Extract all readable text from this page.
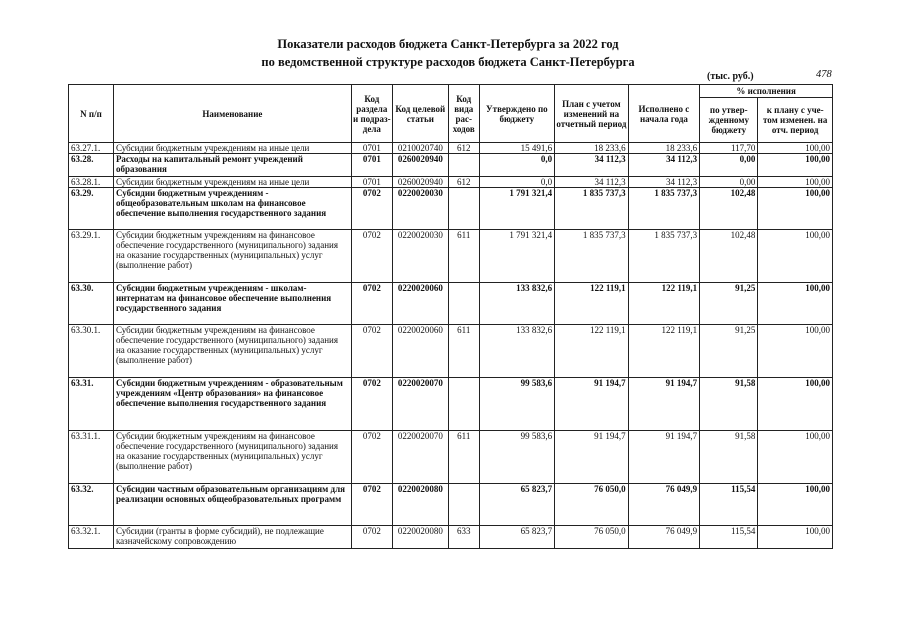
Показатели расходов бюджета Санкт-Петербурга за 2022 год
по ведомственной структуре расходов бюджета Санкт-Петербурга
(тыс. руб.)	478
N п/п	Наименование	Код раздела и подраз-дела	Код целевой статьи	Код вида рас-ходов	Утверждено по бюджету	План с учетом изменений на отчетный период	Исполнено с начала года	% исполнения	
								по утвер-жденному бюджету	к плану с уче-том изменен. на отч. период
63.27.1.	Субсидии бюджетным учреждениям на иные цели	0701	0210020740	612	15 491,6	18 233,6	18 233,6	117,70	100,00
63.28.	Расходы на капитальный ремонт учреждений образования	0701	0260020940		0,0	34 112,3	34 112,3	0,00	100,00
63.28.1.	Субсидии бюджетным учреждениям на иные цели	0701	0260020940	612	0,0	34 112,3	34 112,3	0,00	100,00
63.29.	Субсидии бюджетным учреждениям - общеобразовательным школам на финансовое обеспечение выполнения государственного задания	0702	0220020030		1 791 321,4	1 835 737,3	1 835 737,3	102,48	100,00
63.29.1.	Субсидии бюджетным учреждениям на финансовое обеспечение государственного (муниципального) задания на оказание государственных (муниципальных) услуг (выполнение работ)	0702	0220020030	611	1 791 321,4	1 835 737,3	1 835 737,3	102,48	100,00
63.30.	Субсидии бюджетным учреждениям - школам-интернатам на финансовое обеспечение выполнения государственного задания	0702	0220020060		133 832,6	122 119,1	122 119,1	91,25	100,00
63.30.1.	Субсидии бюджетным учреждениям на финансовое обеспечение государственного (муниципального) задания на оказание государственных (муниципальных) услуг (выполнение работ)	0702	0220020060	611	133 832,6	122 119,1	122 119,1	91,25	100,00
63.31.	Субсидии бюджетным учреждениям - образовательным учреждениям «Центр образования» на финансовое обеспечение выполнения государственного задания	0702	0220020070		99 583,6	91 194,7	91 194,7	91,58	100,00
63.31.1.	Субсидии бюджетным учреждениям на финансовое обеспечение государственного (муниципального) задания на оказание государственных (муниципальных) услуг (выполнение работ)	0702	0220020070	611	99 583,6	91 194,7	91 194,7	91,58	100,00
63.32.	Субсидии частным образовательным организациям для реализации основных общеобразовательных программ	0702	0220020080		65 823,7	76 050,0	76 049,9	115,54	100,00
63.32.1.	Субсидии (гранты в форме субсидий), не подлежащие казначейскому сопровождению	0702	0220020080	633	65 823,7	76 050,0	76 049,9	115,54	100,00
